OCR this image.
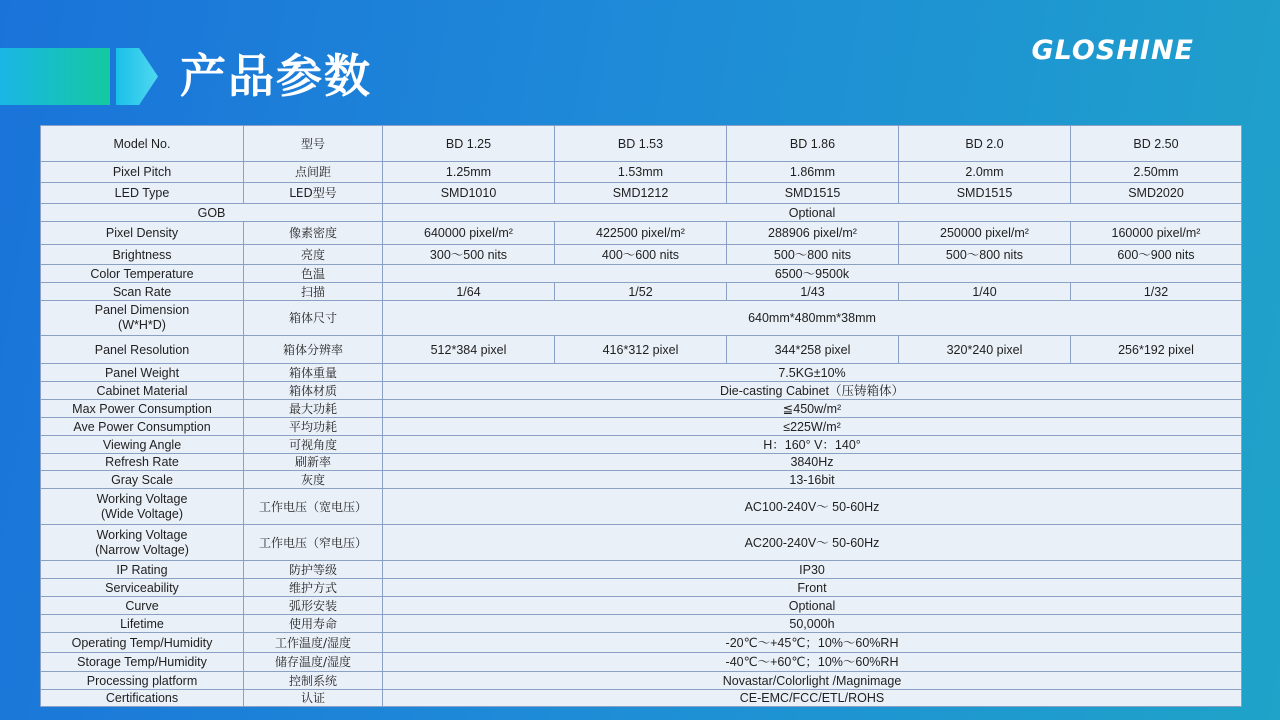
产品参数	GLOSHINE
Model No.	型号	BD 1.25	BD 1.53	BD 1.86	BD 2.0	BD 2.50
Pixel Pitch	点间距	1.25mm	1.53mm	1.86mm	2.0mm	2.50mm
LED Type	LED型号	SMD1010	SMD1212	SMD1515	SMD1515	SMD2020
GOB		Optional				
Pixel Density	像素密度	640000 pixel/m²	422500 pixel/m²	288906 pixel/m²	250000 pixel/m²	160000 pixel/m²
Brightness	亮度	300～500 nits	400～600 nits	500～800 nits	500～800 nits	600～900 nits
Color Temperature	色温	6500～9500k				
Scan Rate	扫描	1/64	1/52	1/43	1/40	1/32
Panel Dimension
(W*H*D)	箱体尺寸	640mm*480mm*38mm				
Panel Resolution	箱体分辨率	512*384 pixel	416*312 pixel	344*258 pixel	320*240 pixel	256*192 pixel
Panel Weight	箱体重量	7.5KG±10%				
Cabinet Material	箱体材质	Die-casting Cabinet（压铸箱体）				
Max Power Consumption	最大功耗	≦450w/m²				
Ave Power Consumption	平均功耗	≤225W/m²				
Viewing Angle	可视角度	H：160° V：140°				
Refresh Rate	刷新率	3840Hz				
Gray Scale	灰度	13-16bit				
Working Voltage
(Wide Voltage)	工作电压（宽电压）	AC100-240V～ 50-60Hz				
Working Voltage
(Narrow Voltage)	工作电压（窄电压）	AC200-240V～ 50-60Hz				
IP Rating	防护等级	IP30				
Serviceability	维护方式	Front				
Curve	弧形安装	Optional				
Lifetime	使用寿命	50,000h				
Operating Temp/Humidity	工作温度/湿度	-20℃～+45℃；10%～60%RH				
Storage Temp/Humidity	储存温度/湿度	-40℃～+60℃；10%～60%RH				
Processing platform	控制系统	Novastar/Colorlight /Magnimage				
Certifications	认证	CE-EMC/FCC/ETL/ROHS				
